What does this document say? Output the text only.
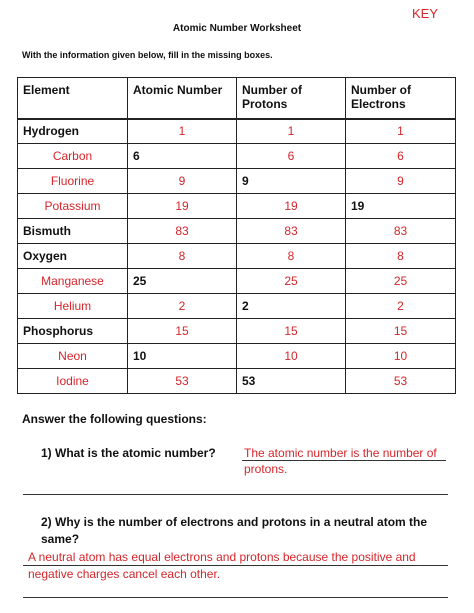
KEY
Atomic Number Worksheet
With the information given below, fill in the missing boxes.
Element	Atomic Number	Number of Protons	Number of Electrons
Hydrogen	1	1	1
Carbon	6	6	6
Fluorine	9	9	9
Potassium	19	19	19
Bismuth	83	83	83
Oxygen	8	8	8
Manganese	25	25	25
Helium	2	2	2
Phosphorus	15	15	15
Neon	10	10	10
Iodine	53	53	53
Answer the following questions:
1) What is the atomic number? The atomic number is the number of protons.
2) Why is the number of electrons and protons in a neutral atom the same?
A neutral atom has equal electrons and protons because the positive and negative charges cancel each other.
